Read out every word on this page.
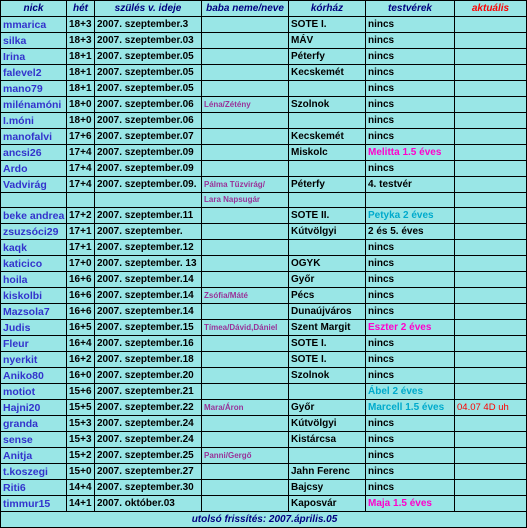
nick	hét	szülés v. ideje	baba neme/neve	kórház	testvérek	aktuális
mmarica	18+3	2007. szeptember.3		SOTE I.	nincs	
silka	18+3	2007. szeptember.03		MÁV	nincs	
Irina	18+1	2007. szeptember.05		Péterfy	nincs	
falevel2	18+1	2007. szeptember.05		Kecskemét	nincs	
mano79	18+1	2007. szeptember.05			nincs	
milénamóni	18+0	2007. szeptember.06	Léna/Zétény	Szolnok	nincs	
I.móni	18+0	2007. szeptember.06			nincs	
manofalvi	17+6	2007. szeptember.07		Kecskemét	nincs	
ancsi26	17+4	2007. szeptember.09		Miskolc	Melitta 1.5 éves	
Ardo	17+4	2007. szeptember.09			nincs	
Vadvirág	17+4	2007. szeptember.09.	Pálma Tűzvirág/	Péterfy	4. testvér	
			Lara Napsugár			
beke andrea	17+2	2007. szeptember.11		SOTE II.	Petyka 2 éves	
zsuzsóci29	17+1	2007. szeptember.		Kútvölgyi	2 és 5. éves	
kaqk	17+1	2007. szeptember.12			nincs	
katicico	17+0	2007. szeptember. 13		OGYK	nincs	
hoila	16+6	2007. szeptember.14		Győr	nincs	
kiskolbi	16+6	2007. szeptember.14	Zsófia/Máté	Pécs	nincs	
Mazsola7	16+6	2007. szeptember.14		Dunaújváros	nincs	
Judis	16+5	2007. szeptember.15	Tímea/Dávid,Dániel	Szent Margit	Eszter 2 éves	
Fleur	16+4	2007. szeptember.16		SOTE I.	nincs	
nyerkit	16+2	2007. szeptember.18		SOTE I.	nincs	
Aniko80	16+0	2007. szeptember.20		Szolnok	nincs	
motiot	15+6	2007. szeptember.21			Ábel 2 éves	
Hajni20	15+5	2007. szeptember.22	Mara/Áron	Győr	Marcell 1.5 éves	04.07 4D uh
granda	15+3	2007. szeptember.24		Kútvölgyi	nincs	
sense	15+3	2007. szeptember.24		Kistárcsa	nincs	
Anitja	15+2	2007. szeptember.25	Panni/Gergő		nincs	
t.koszegi	15+0	2007. szeptember.27		Jahn Ferenc	nincs	
Riti6	14+4	2007. szeptember.30		Bajcsy	nincs	
timmur15	14+1	2007. október.03		Kaposvár	Maja 1.5 éves	
utolsó frissítés: 2007.április.05						
